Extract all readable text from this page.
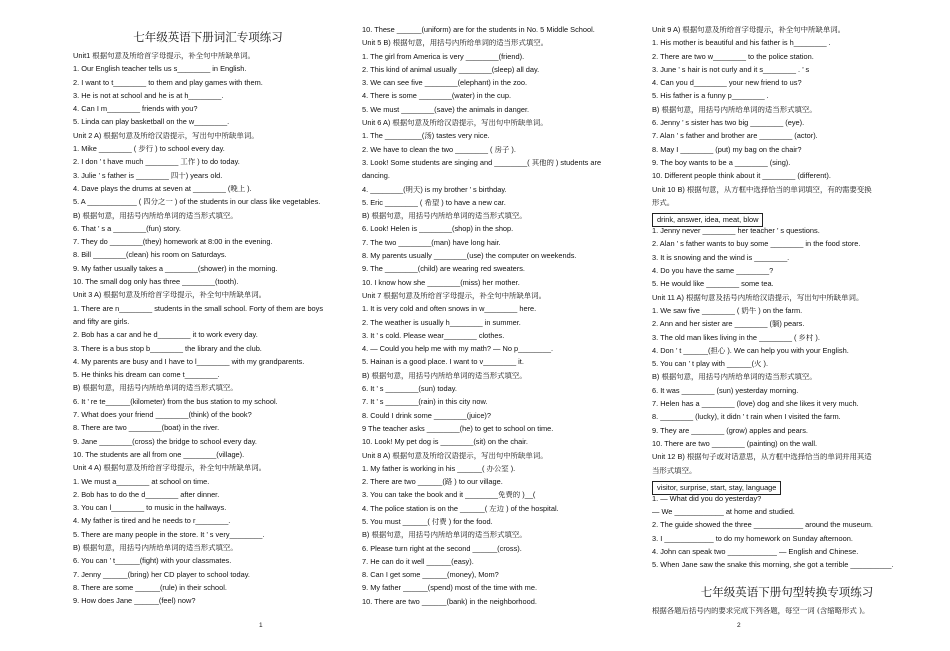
七年级英语下册词汇专项练习
Unit1 根据句意及所给首字母提示，补全句中所缺单词。
1. Our English teacher tells us s________ in English.
2. I want to t________ to them and play games with them.
3. He is not at school and he is at h________.
4. Can I m________ friends with you?
5. Linda can play basketball on the w________.
Unit 2 A) 根据句意及所给汉语提示，写出句中所缺单词。
1. Mike ________ ( 步行 ) to school every day.
2. I don ’ t have much ________ 工作 ) to do today.
3. Julie ’ s father is ________ 四十) years old.
4. Dave plays the drums at seven at ________ (晚上 ).
5. A ____________ ( 四分之一 ) of the students in our class like vegetables.
B) 根据句意，用括号内所给单词的适当形式填空。
6. That ’ s a ________(fun) story.
7. They do ________(they) homework at 8:00 in the evening.
8. Bill ________(clean) his room on Saturdays.
9. My father usually takes a ________(shower) in the morning.
10. The small dog only has three ________(tooth).
Unit 3 A) 根据句意及所给首字母提示，补全句中所缺单词。
1. There are n________ students in the small school. Forty of them are boys
and fifty are girls.
2. Bob has a car and he d________ it to work every day.
3. There is a bus stop b________ the library and the club.
4. My parents are busy and I have to l________ with my grandparents.
5. He thinks his dream can come t________.
B) 根据句意，用括号内所给单词的适当形式填空。
6. It ’ re te______(kilometer) from the bus station to my school.
7. What does your friend ________(think) of the book?
8. There are two ________(boat) in the river.
9. Jane ________(cross) the bridge to school every day.
10. The students are all from one ________(village).
Unit 4 A) 根据句意及所给首字母提示，补全句中所缺单词。
1. We must a________ at school on time.
2. Bob has to do the d________ after dinner.
3. You can l________ to music in the hallways.
4. My father is tired and he needs to r________.
5. There are many people in the store. It ’ s very________.
B) 根据句意，用括号内所给单词的适当形式填空。
6. You can ’ t______(fight) with your classmates.
7. Jenny ______(bring) her CD player to school today.
8. There are some ______(rule) in their school.
9. How does Jane ______(feel) now?
10. These ______(uniform) are for the students in No. 5 Middle School.
Unit 5 B) 根据句意，用括号内所给单词的适当形式填空。
1. The girl from America is very ________(friend).
2. This kind of animal usually ________(sleep) all day.
3. We can see five ________(elephant) in the zoo.
4. There is some ________(water) in the cup.
5. We must ________(save) the animals in danger.
Unit 6 A) 根据句意及所给汉语提示，写出句中所缺单词。
1. The _________(汤) tastes very nice.
2. We have to clean the two ________ ( 房子 ).
3. Look! Some students are singing and ________( 其他的 ) students are
dancing.
4. ________(明天) is my brother ’ s birthday.
5. Eric ________ ( 希望 ) to have a new car.
B) 根据句意，用括号内所给单词的适当形式填空。
6. Look! Helen is ________(shop) in the shop.
7. The two ________(man) have long hair.
8. My parents usually ________(use) the computer on weekends.
9. The ________(child) are wearing red sweaters.
10. I know how she ________(miss) her mother.
Unit 7 根据句意及所给首字母提示，补全句中所缺单词。
1. It is very cold and often snows in w________ here.
2. The weather is usually h________ in summer.
3. It ’ s cold. Please wear________ clothes.
4. — Could you help me with my math? — No p________.
5. Hainan is a good place. I want to v________ it.
B) 根据句意，用括号内所给单词的适当形式填空。
6. It ’ s ________(sun) today.
7. It ’ s ________(rain) in this city now.
8. Could I drink some ________(juice)?
9 The teacher asks ________(he) to get to school on time.
10. Look! My pet dog is ________(sit) on the chair.
Unit 8 A) 根据句意及所给汉语提示，写出句中所缺单词。
1. My father is working in his ______( 办公室 ).
2. There are two ______(路 ) to our village.
3. You can take the book and it ________免费的 )__(
4. The police station is on the ______( 左边 ) of the hospital.
5. You must ______( 付费 ) for the food.
B) 根据句意，用括号内所给单词的适当形式填空。
6. Please turn right at the second ______(cross).
7. He can do it well ______(easy).
8. Can I get some ______(money), Mom?
9. My father ______(spend) most of the time with me.
10. There are two ______(bank) in the neighborhood.
Unit 9 A) 根据句意及所给首字母提示，补全句中所缺单词。
1. His mother is beautiful and his father is h________ .
2. There are two w________ to the police station.
3. June ’ s hair is not curly and it s________ . ’ s
4. Can you d________ your new friend to us?
5. His father is a funny p________ .
B) 根据句意，用括号内所给单词的适当形式填空。
6. Jenny ’ s sister has two big ________ (eye).
7. Alan ’ s father and brother are ________ (actor).
8. May I ________ (put) my bag on the chair?
9. The boy wants to be a ________ (sing).
10. Different people think about it ________ (different).
Unit 10 B) 根据句意，从方框中选择恰当的单词填空，有的需要变换
形式。
drink, answer, idea, meat, blow
1. Jenny never ________ her teacher ’ s questions.
2. Alan ’ s father wants to buy some ________ in the food store.
3. It is snowing and the wind is ________.
4. Do you have the same ________?
5. He would like ________ some tea.
Unit 11 A) 根据句意及括号内所给汉语提示，写出句中所缺单词。
1. We saw five ________ ( 奶牛 ) on the farm.
2. Ann and her sister are ________ (躺) pears.
3. The old man likes living in the ________ ( 乡村 ).
4. Don ’ t ______(担心 ). We can help you with your English.
5. You can ’ t play with ______(火 ).
B) 根据句意，用括号内所给单词的适当形式填空。
6. It was ________ (sun) yesterday morning.
7. Helen has a ________ (love) dog and she likes it very much.
8. ________ (lucky), it didn ’ t rain when I visited the farm.
9. They are ________ (grow) apples and pears.
10. There are two ________ (painting) on the wall.
Unit 12 B) 根据句子或对话意思，从方框中选择恰当的单词并用其适
当形式填空。
visitor, surprise, start, stay, language
1. — What did you do yesterday?
— We ____________ at home and studied.
2. The guide showed the three ____________ around the museum.
3. I ____________ to do my homework on Sunday afternoon.
4. John can speak two ____________ — English and Chinese.
5. When Jane saw the snake this morning, she got a terrible __________.
七年级英语下册句型转换专项练习
根据各题后括号内的要求完成下列各题，每空一词 (含缩略形式 )。
1	2
